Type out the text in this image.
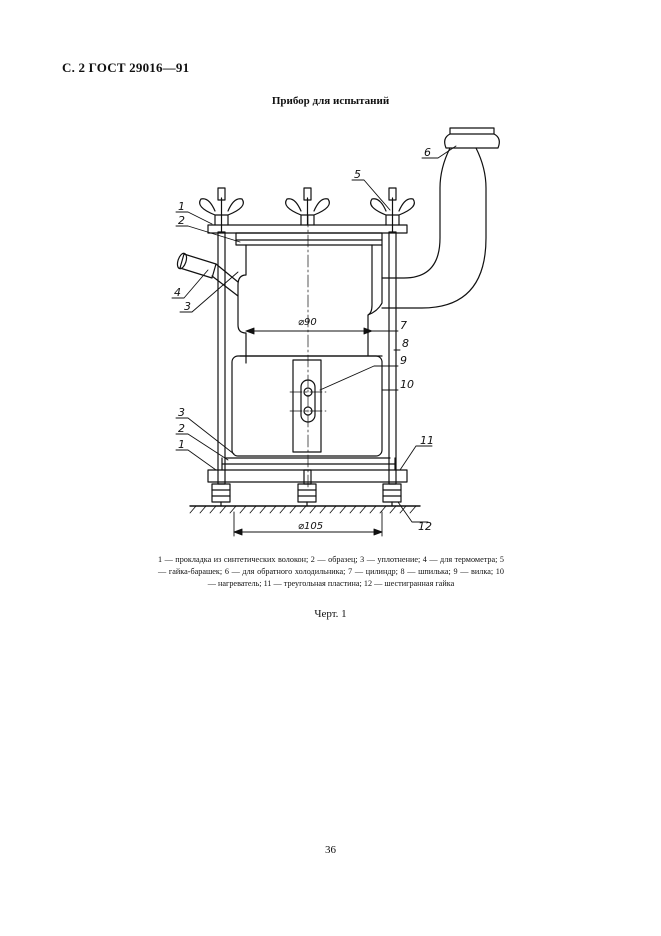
С. 2 ГОСТ 29016—91
Прибор для испытаний
⌀90
⌀105
1
2
3
4
5
6
7
8
9
10
3
2
1	11
12
1 — прокладка из синтетических волокон; 2 — образец; 3 — уплотнение; 4 — для термометра; 5 — гайка-барашек; 6 — для обратного холодильника; 7 — цилиндр; 8 — шпилька; 9 — вилка; 10 — нагреватель; 11 — треугольная пластина; 12 — шестигранная гайка
Черт. 1
36
